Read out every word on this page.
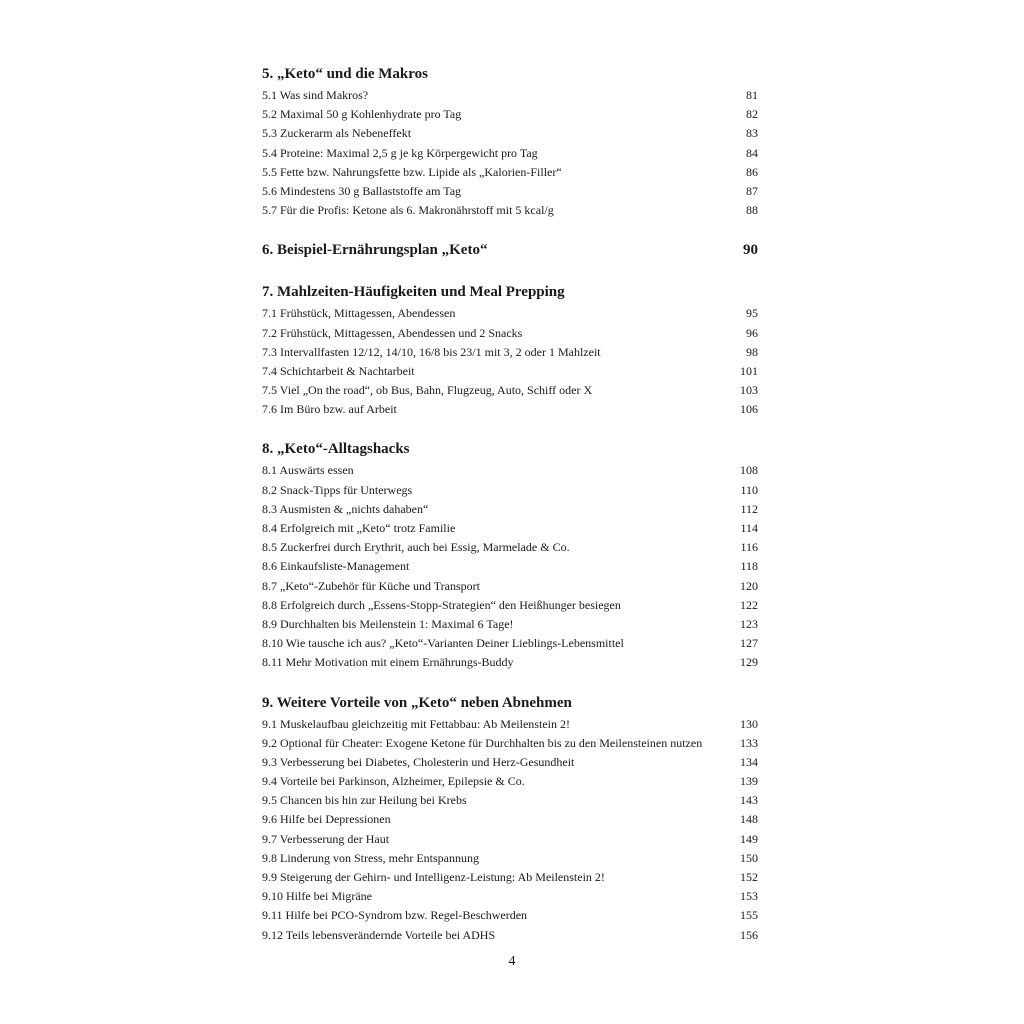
5. „Keto“ und die Makros
5.1 Was sind Makros?	81
5.2 Maximal 50 g Kohlenhydrate pro Tag	82
5.3 Zuckerarm als Nebeneffekt	83
5.4 Proteine: Maximal 2,5 g je kg Körpergewicht pro Tag	84
5.5 Fette bzw. Nahrungsfette bzw. Lipide als „Kalorien-Filler“	86
5.6 Mindestens 30 g Ballaststoffe am Tag	87
5.7 Für die Profis: Ketone als 6. Makronährstoff mit 5 kcal/g	88
6. Beispiel-Ernährungsplan „Keto“	90
7. Mahlzeiten-Häufigkeiten und Meal Prepping
7.1 Frühstück, Mittagessen, Abendessen	95
7.2 Frühstück, Mittagessen, Abendessen und 2 Snacks	96
7.3 Intervallfasten 12/12, 14/10, 16/8 bis 23/1 mit 3, 2 oder 1 Mahlzeit	98
7.4 Schichtarbeit & Nachtarbeit	101
7.5 Viel „On the road“, ob Bus, Bahn, Flugzeug, Auto, Schiff oder X	103
7.6 Im Büro bzw. auf Arbeit	106
8. „Keto“-Alltagshacks
8.1 Auswärts essen	108
8.2 Snack-Tipps für Unterwegs	110
8.3 Ausmisten & „nichts dahaben“	112
8.4 Erfolgreich mit „Keto“ trotz Familie	114
8.5 Zuckerfrei durch Erythrit, auch bei Essig, Marmelade & Co.	116
8.6 Einkaufsliste-Management	118
8.7 „Keto“-Zubehör für Küche und Transport	120
8.8 Erfolgreich durch „Essens-Stopp-Strategien“ den Heißhunger besiegen	122
8.9 Durchhalten bis Meilenstein 1: Maximal 6 Tage!	123
8.10 Wie tausche ich aus? „Keto“-Varianten Deiner Lieblings-Lebensmittel	127
8.11 Mehr Motivation mit einem Ernährungs-Buddy	129
9. Weitere Vorteile von „Keto“ neben Abnehmen
9.1 Muskelaufbau gleichzeitig mit Fettabbau: Ab Meilenstein 2!	130
9.2 Optional für Cheater: Exogene Ketone für Durchhalten bis zu den Meilensteinen nutzen	133
9.3 Verbesserung bei Diabetes, Cholesterin und Herz-Gesundheit	134
9.4 Vorteile bei Parkinson, Alzheimer, Epilepsie & Co.	139
9.5 Chancen bis hin zur Heilung bei Krebs	143
9.6 Hilfe bei Depressionen	148
9.7 Verbesserung der Haut	149
9.8 Linderung von Stress, mehr Entspannung	150
9.9 Steigerung der Gehirn- und Intelligenz-Leistung: Ab Meilenstein 2!	152
9.10 Hilfe bei Migräne	153
9.11 Hilfe bei PCO-Syndrom bzw. Regel-Beschwerden	155
9.12 Teils lebensverändernde Vorteile bei ADHS	156
4
